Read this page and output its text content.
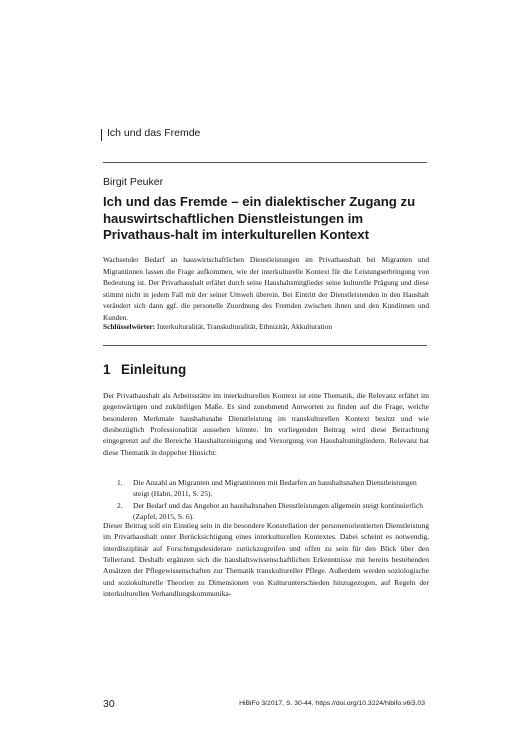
Ich und das Fremde
Birgit Peuker
Ich und das Fremde – ein dialektischer Zugang zu hauswirtschaftlichen Dienstleistungen im Privathaus-halt im interkulturellen Kontext

Wachsender Bedarf an hauswirtschaftlichen Dienstleistungen im Privathaushalt bei Migranten und Migrantinnen lassen die Frage aufkommen, wie der interkulturelle Kontext für die Leistungserbringung von Bedeutung ist. Der Privathaushalt erfährt durch seine Haushaltsmitglieder seine kulturelle Prägung und diese stimmt nicht in jedem Fall mit der seiner Umwelt überein. Bei Eintritt der Dienstleistenden in den Haushalt verändert sich dann ggf. die personelle Zuordnung des Fremden zwischen ihnen und den Kundinnen und Kunden.

Schlüsselwörter: Interkulturalität, Transkulturalität, Ethnizität, Akkulturation
1 Einleitung

Der Privathaushalt als Arbeitsstätte im interkulturellen Kontext ist eine Thematik, die Relevanz erfährt im gegenwärtigen und zukünftigen Maße. Es sind zunehmend Antworten zu finden auf die Frage, welche besonderen Merkmale haushaltsnahe Dienstleistung im transkulturellen Kontext besitzt und wie diesbezüglich Professionalität aussehen könnte. Im vorliegenden Beitrag wird diese Betrachtung eingegrenzt auf die Bereiche Haushaltsreinigung und Versorgung von Haushaltsmitgliedern. Relevanz hat diese Thematik in doppelter Hinsicht:

1. Die Anzahl an Migranten und Migrantinnen mit Bedarfen an haushaltsnahen Dienstleistungen steigt (Hahn, 2011, S. 25).
2. Der Bedarf und das Angebot an haushaltsnahen Dienstleistungen allgemein steigt kontinuierlich (Zapfel, 2015, S. 6).

Dieser Beitrag soll ein Einstieg sein in die besondere Konstellation der personenorientierten Dienstleistung im Privathaushalt unter Berücksichtigung eines interkulturellen Kontextes. Dabei scheint es notwendig, interdisziplinär auf Forschungsdesiderate zurückzugreifen und offen zu sein für den Blick über den Tellerrand. Deshalb ergänzen sich die haushaltswissenschaftlichen Erkenntnisse mit bereits bestehenden Ansätzen der Pflegewissenschaften zur Thematik transkultureller Pflege. Außerdem werden soziologische und soziokulturelle Theorien zu Dimensionen von Kulturunterschieden hinzugezogen, auf Regeln der interkulturellen Verhandlungskommunika-

30	HiBiFo 3/2017, S. 30-44. https://doi.org/10.3224/hibifo.v6i3.03
